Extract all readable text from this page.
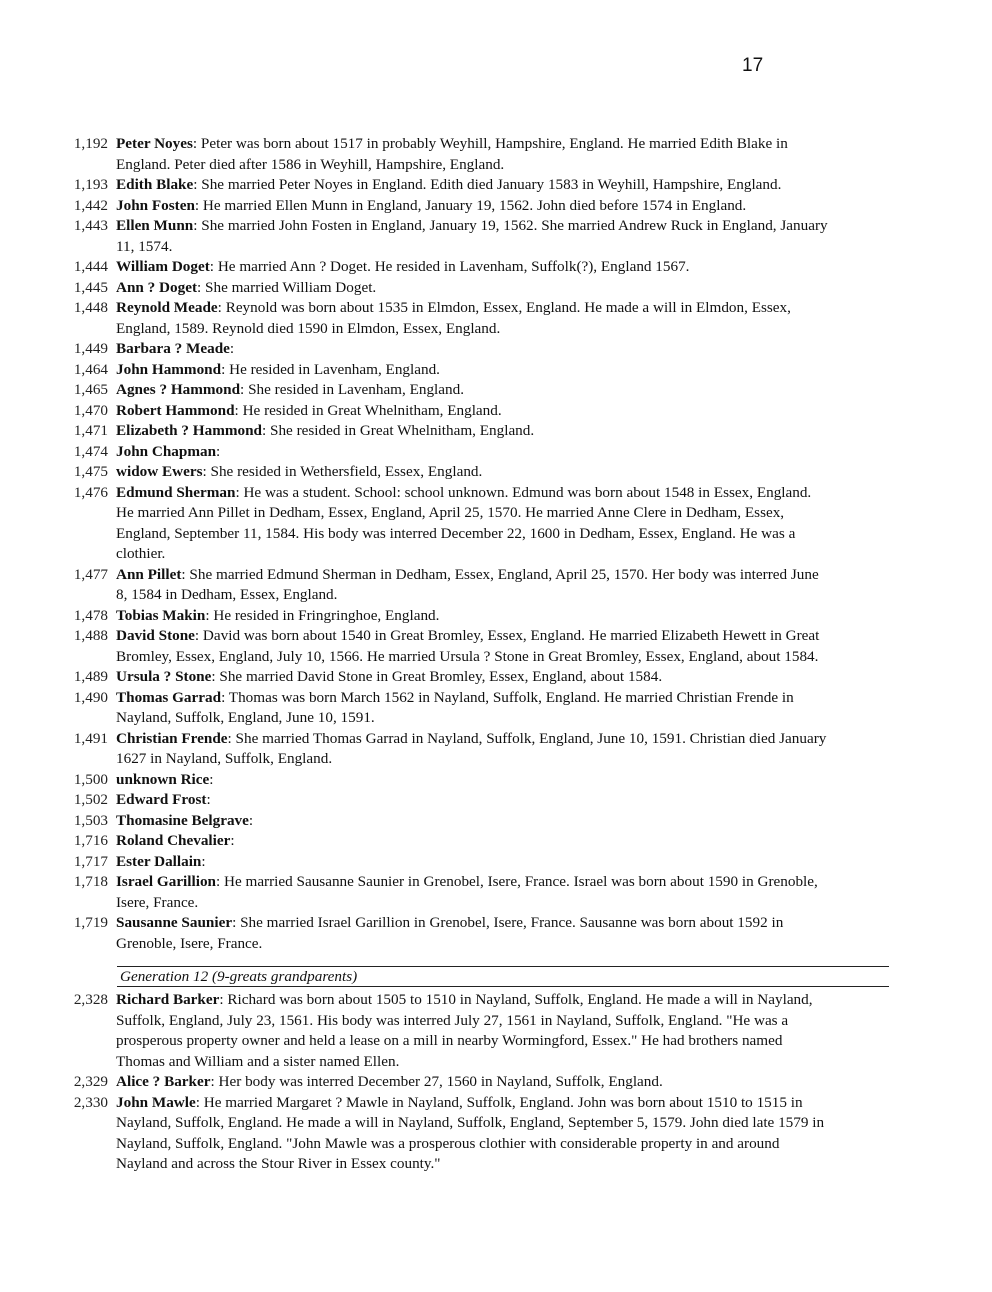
17
1,192 Peter Noyes: Peter was born about 1517 in probably Weyhill, Hampshire, England. He married Edith Blake in England. Peter died after 1586 in Weyhill, Hampshire, England.
1,193 Edith Blake: She married Peter Noyes in England. Edith died January 1583 in Weyhill, Hampshire, England.
1,442 John Fosten: He married Ellen Munn in England, January 19, 1562. John died before 1574 in England.
1,443 Ellen Munn: She married John Fosten in England, January 19, 1562. She married Andrew Ruck in England, January 11, 1574.
1,444 William Doget: He married Ann ? Doget. He resided in Lavenham, Suffolk(?), England 1567.
1,445 Ann ? Doget: She married William Doget.
1,448 Reynold Meade: Reynold was born about 1535 in Elmdon, Essex, England. He made a will in Elmdon, Essex, England, 1589. Reynold died 1590 in Elmdon, Essex, England.
1,449 Barbara ? Meade:
1,464 John Hammond: He resided in Lavenham, England.
1,465 Agnes ? Hammond: She resided in Lavenham, England.
1,470 Robert Hammond: He resided in Great Whelnitham, England.
1,471 Elizabeth ? Hammond: She resided in Great Whelnitham, England.
1,474 John Chapman:
1,475 widow Ewers: She resided in Wethersfield, Essex, England.
1,476 Edmund Sherman: He was a student. School: school unknown. Edmund was born about 1548 in Essex, England. He married Ann Pillet in Dedham, Essex, England, April 25, 1570. He married Anne Clere in Dedham, Essex, England, September 11, 1584. His body was interred December 22, 1600 in Dedham, Essex, England. He was a clothier.
1,477 Ann Pillet: She married Edmund Sherman in Dedham, Essex, England, April 25, 1570. Her body was interred June 8, 1584 in Dedham, Essex, England.
1,478 Tobias Makin: He resided in Fringringhoe, England.
1,488 David Stone: David was born about 1540 in Great Bromley, Essex, England. He married Elizabeth Hewett in Great Bromley, Essex, England, July 10, 1566. He married Ursula ? Stone in Great Bromley, Essex, England, about 1584.
1,489 Ursula ? Stone: She married David Stone in Great Bromley, Essex, England, about 1584.
1,490 Thomas Garrad: Thomas was born March 1562 in Nayland, Suffolk, England. He married Christian Frende in Nayland, Suffolk, England, June 10, 1591.
1,491 Christian Frende: She married Thomas Garrad in Nayland, Suffolk, England, June 10, 1591. Christian died January 1627 in Nayland, Suffolk, England.
1,500 unknown Rice:
1,502 Edward Frost:
1,503 Thomasine Belgrave:
1,716 Roland Chevalier:
1,717 Ester Dallain:
1,718 Israel Garillion: He married Sausanne Saunier in Grenobel, Isere, France. Israel was born about 1590 in Grenoble, Isere, France.
1,719 Sausanne Saunier: She married Israel Garillion in Grenobel, Isere, France. Sausanne was born about 1592 in Grenoble, Isere, France.
Generation 12 (9-greats grandparents)
2,328 Richard Barker: Richard was born about 1505 to 1510 in Nayland, Suffolk, England. He made a will in Nayland, Suffolk, England, July 23, 1561. His body was interred July 27, 1561 in Nayland, Suffolk, England. "He was a prosperous property owner and held a lease on a mill in nearby Wormingford, Essex." He had brothers named Thomas and William and a sister named Ellen.
2,329 Alice ? Barker: Her body was interred December 27, 1560 in Nayland, Suffolk, England.
2,330 John Mawle: He married Margaret ? Mawle in Nayland, Suffolk, England. John was born about 1510 to 1515 in Nayland, Suffolk, England. He made a will in Nayland, Suffolk, England, September 5, 1579. John died late 1579 in Nayland, Suffolk, England. "John Mawle was a prosperous clothier with considerable property in and around Nayland and across the Stour River in Essex county."
